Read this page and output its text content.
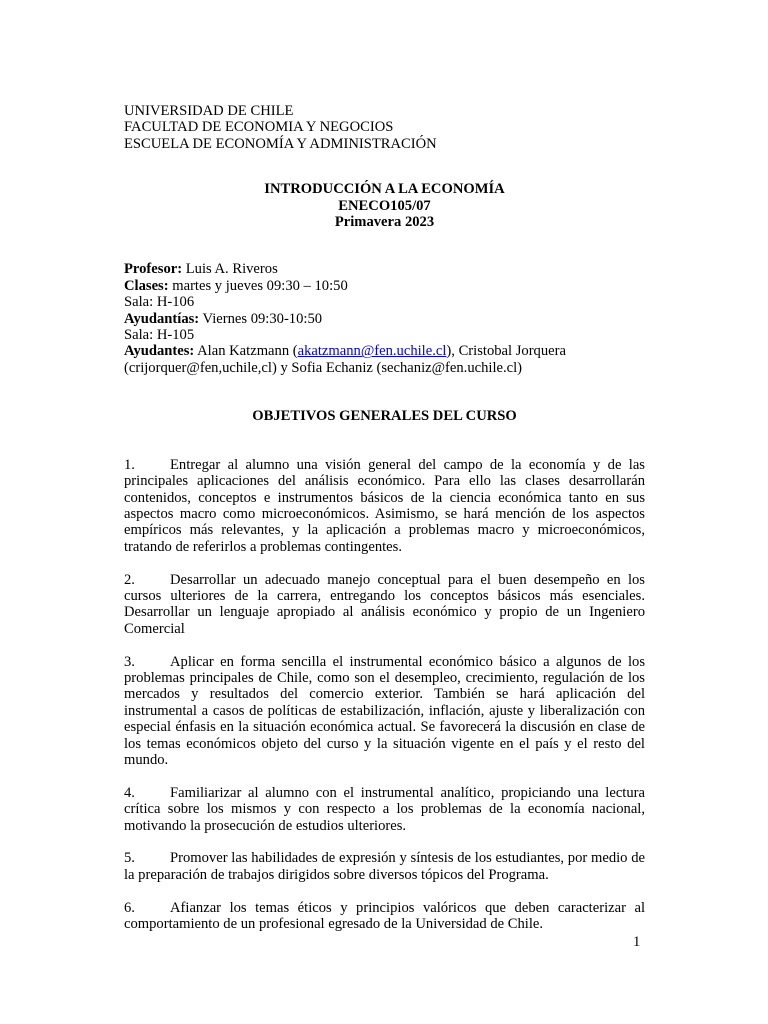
UNIVERSIDAD DE CHILE
FACULTAD DE ECONOMIA Y NEGOCIOS
ESCUELA DE ECONOMÍA Y ADMINISTRACIÓN
INTRODUCCIÓN A LA ECONOMÍA
ENECO105/07
Primavera 2023
Profesor: Luis A. Riveros
Clases: martes y jueves 09:30 – 10:50
Sala: H-106
Ayudantías: Viernes 09:30-10:50
Sala: H-105
Ayudantes: Alan Katzmann (akatzmann@fen.uchile.cl), Cristobal Jorquera
(crijorquer@fen,uchile,cl) y Sofia Echaniz (sechaniz@fen.uchile.cl)
OBJETIVOS GENERALES DEL CURSO
1. Entregar al alumno una visión general del campo de la economía y de las principales aplicaciones del análisis económico. Para ello las clases desarrollarán contenidos, conceptos e instrumentos básicos de la ciencia económica tanto en sus aspectos macro como microeconómicos. Asimismo, se hará mención de los aspectos empíricos más relevantes, y la aplicación a problemas macro y microeconómicos, tratando de referirlos a problemas contingentes.
2. Desarrollar un adecuado manejo conceptual para el buen desempeño en los cursos ulteriores de la carrera, entregando los conceptos básicos más esenciales. Desarrollar un lenguaje apropiado al análisis económico y propio de un Ingeniero Comercial
3. Aplicar en forma sencilla el instrumental económico básico a algunos de los problemas principales de Chile, como son el desempleo, crecimiento, regulación de los mercados y resultados del comercio exterior. También se hará aplicación del instrumental a casos de políticas de estabilización, inflación, ajuste y liberalización con especial énfasis en la situación económica actual. Se favorecerá la discusión en clase de los temas económicos objeto del curso y la situación vigente en el país y el resto del mundo.
4. Familiarizar al alumno con el instrumental analítico, propiciando una lectura crítica sobre los mismos y con respecto a los problemas de la economía nacional, motivando la prosecución de estudios ulteriores.
5. Promover las habilidades de expresión y síntesis de los estudiantes, por medio de la preparación de trabajos dirigidos sobre diversos tópicos del Programa.
6. Afianzar los temas éticos y principios valóricos que deben caracterizar al comportamiento de un profesional egresado de la Universidad de Chile.
1
